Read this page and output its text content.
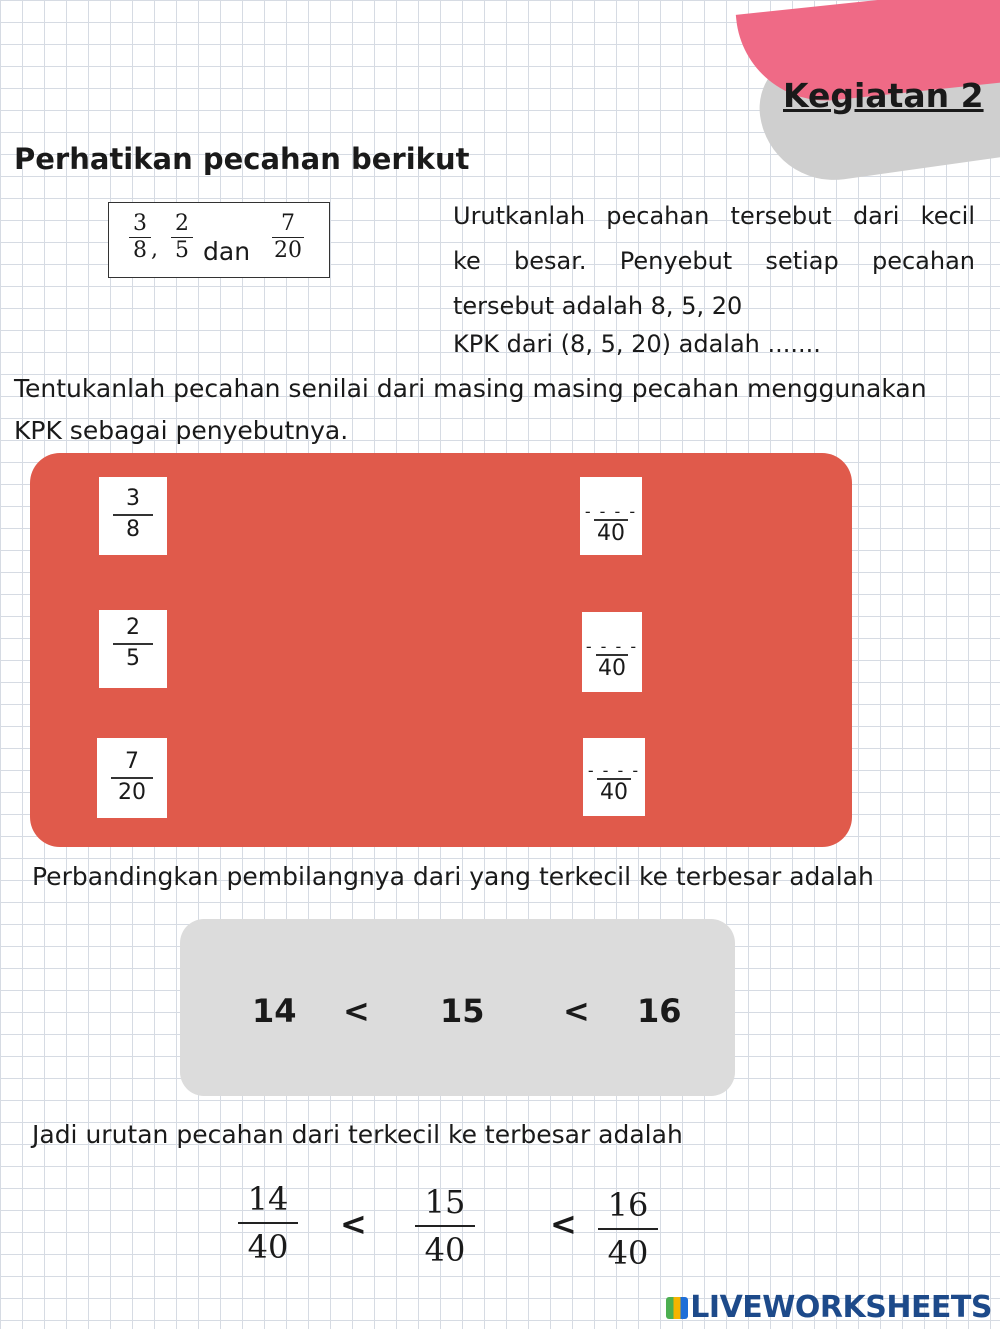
Kegiatan 2
Perhatikan pecahan berikut
3
8 ,
2
5 dan
7
20
Urutkanlah pecahan tersebut dari kecil
ke besar. Penyebut setiap pecahan
tersebut adalah 8, 5, 20
KPK dari (8, 5, 20) adalah .......
Tentukanlah pecahan senilai dari masing masing pecahan menggunakan
KPK sebagai penyebutnya.
3
8
- - - -
40
2
5	- - - -
40
7
20
- - - -
40
Perbandingkan pembilangnya dari yang terkecil ke terbesar adalah
14 < 15 < 16
Jadi urutan pecahan dari terkecil ke terbesar adalah
$\frac{14}{40} < \frac{15}{40} < \frac{16}{40}$
LIVEWORKSHEETS
